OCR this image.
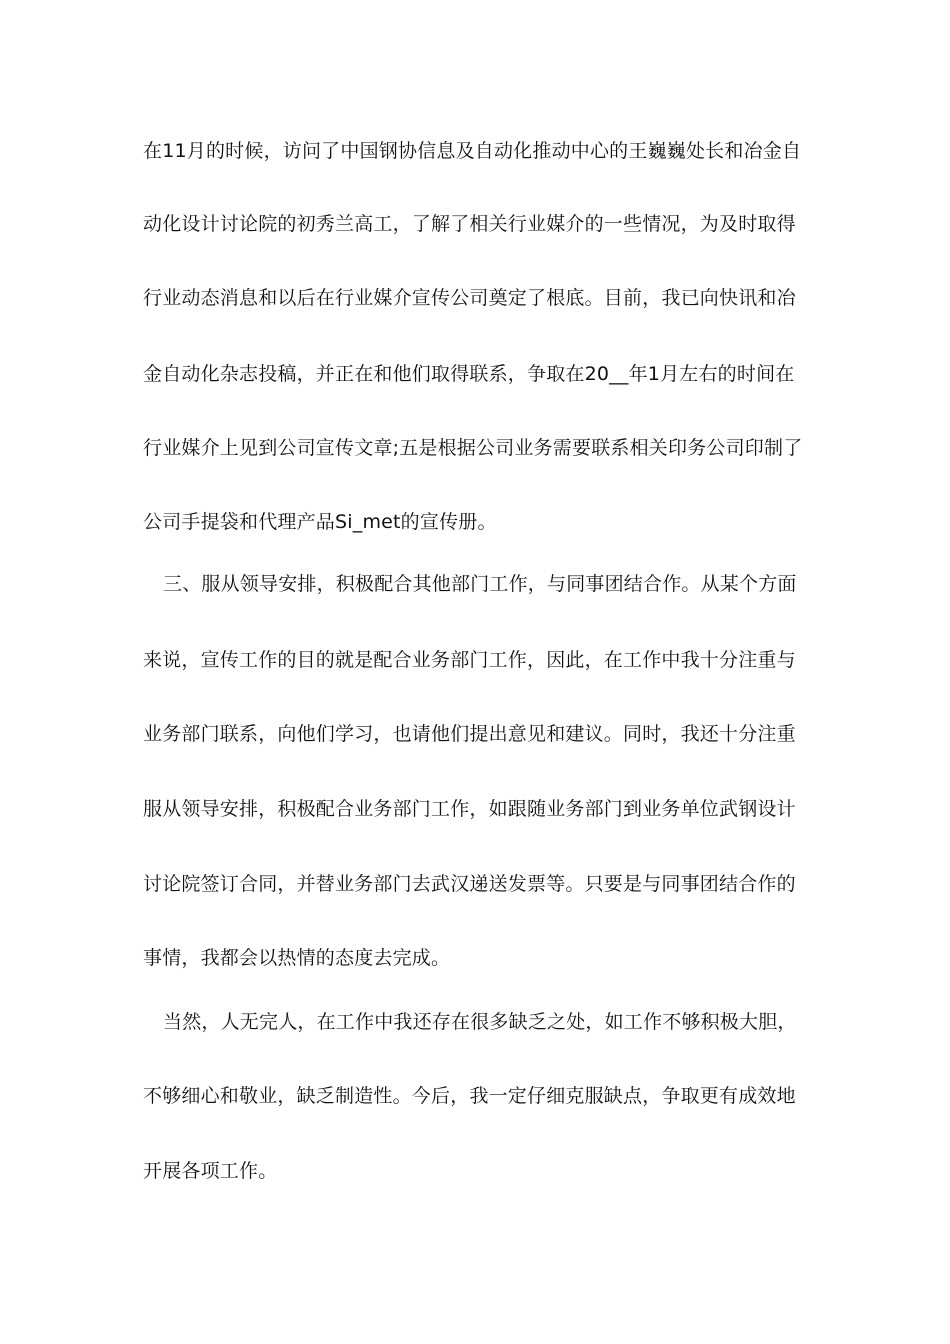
在11月的时候，访问了中国钢协信息及自动化推动中心的王巍巍处长和冶金自
动化设计讨论院的初秀兰高工，了解了相关行业媒介的一些情况，为及时取得
行业动态消息和以后在行业媒介宣传公司奠定了根底。目前，我已向快讯和冶
金自动化杂志投稿，并正在和他们取得联系，争取在20__年1月左右的时间在
行业媒介上见到公司宣传文章;五是根据公司业务需要联系相关印务公司印制了
公司手提袋和代理产品Si_met的宣传册。
三、服从领导安排，积极配合其他部门工作，与同事团结合作。从某个方面
来说，宣传工作的目的就是配合业务部门工作，因此，在工作中我十分注重与
业务部门联系，向他们学习，也请他们提出意见和建议。同时，我还十分注重
服从领导安排，积极配合业务部门工作，如跟随业务部门到业务单位武钢设计
讨论院签订合同，并替业务部门去武汉递送发票等。只要是与同事团结合作的
事情，我都会以热情的态度去完成。
当然，人无完人，在工作中我还存在很多缺乏之处，如工作不够积极大胆，
不够细心和敬业，缺乏制造性。今后，我一定仔细克服缺点，争取更有成效地
开展各项工作。
